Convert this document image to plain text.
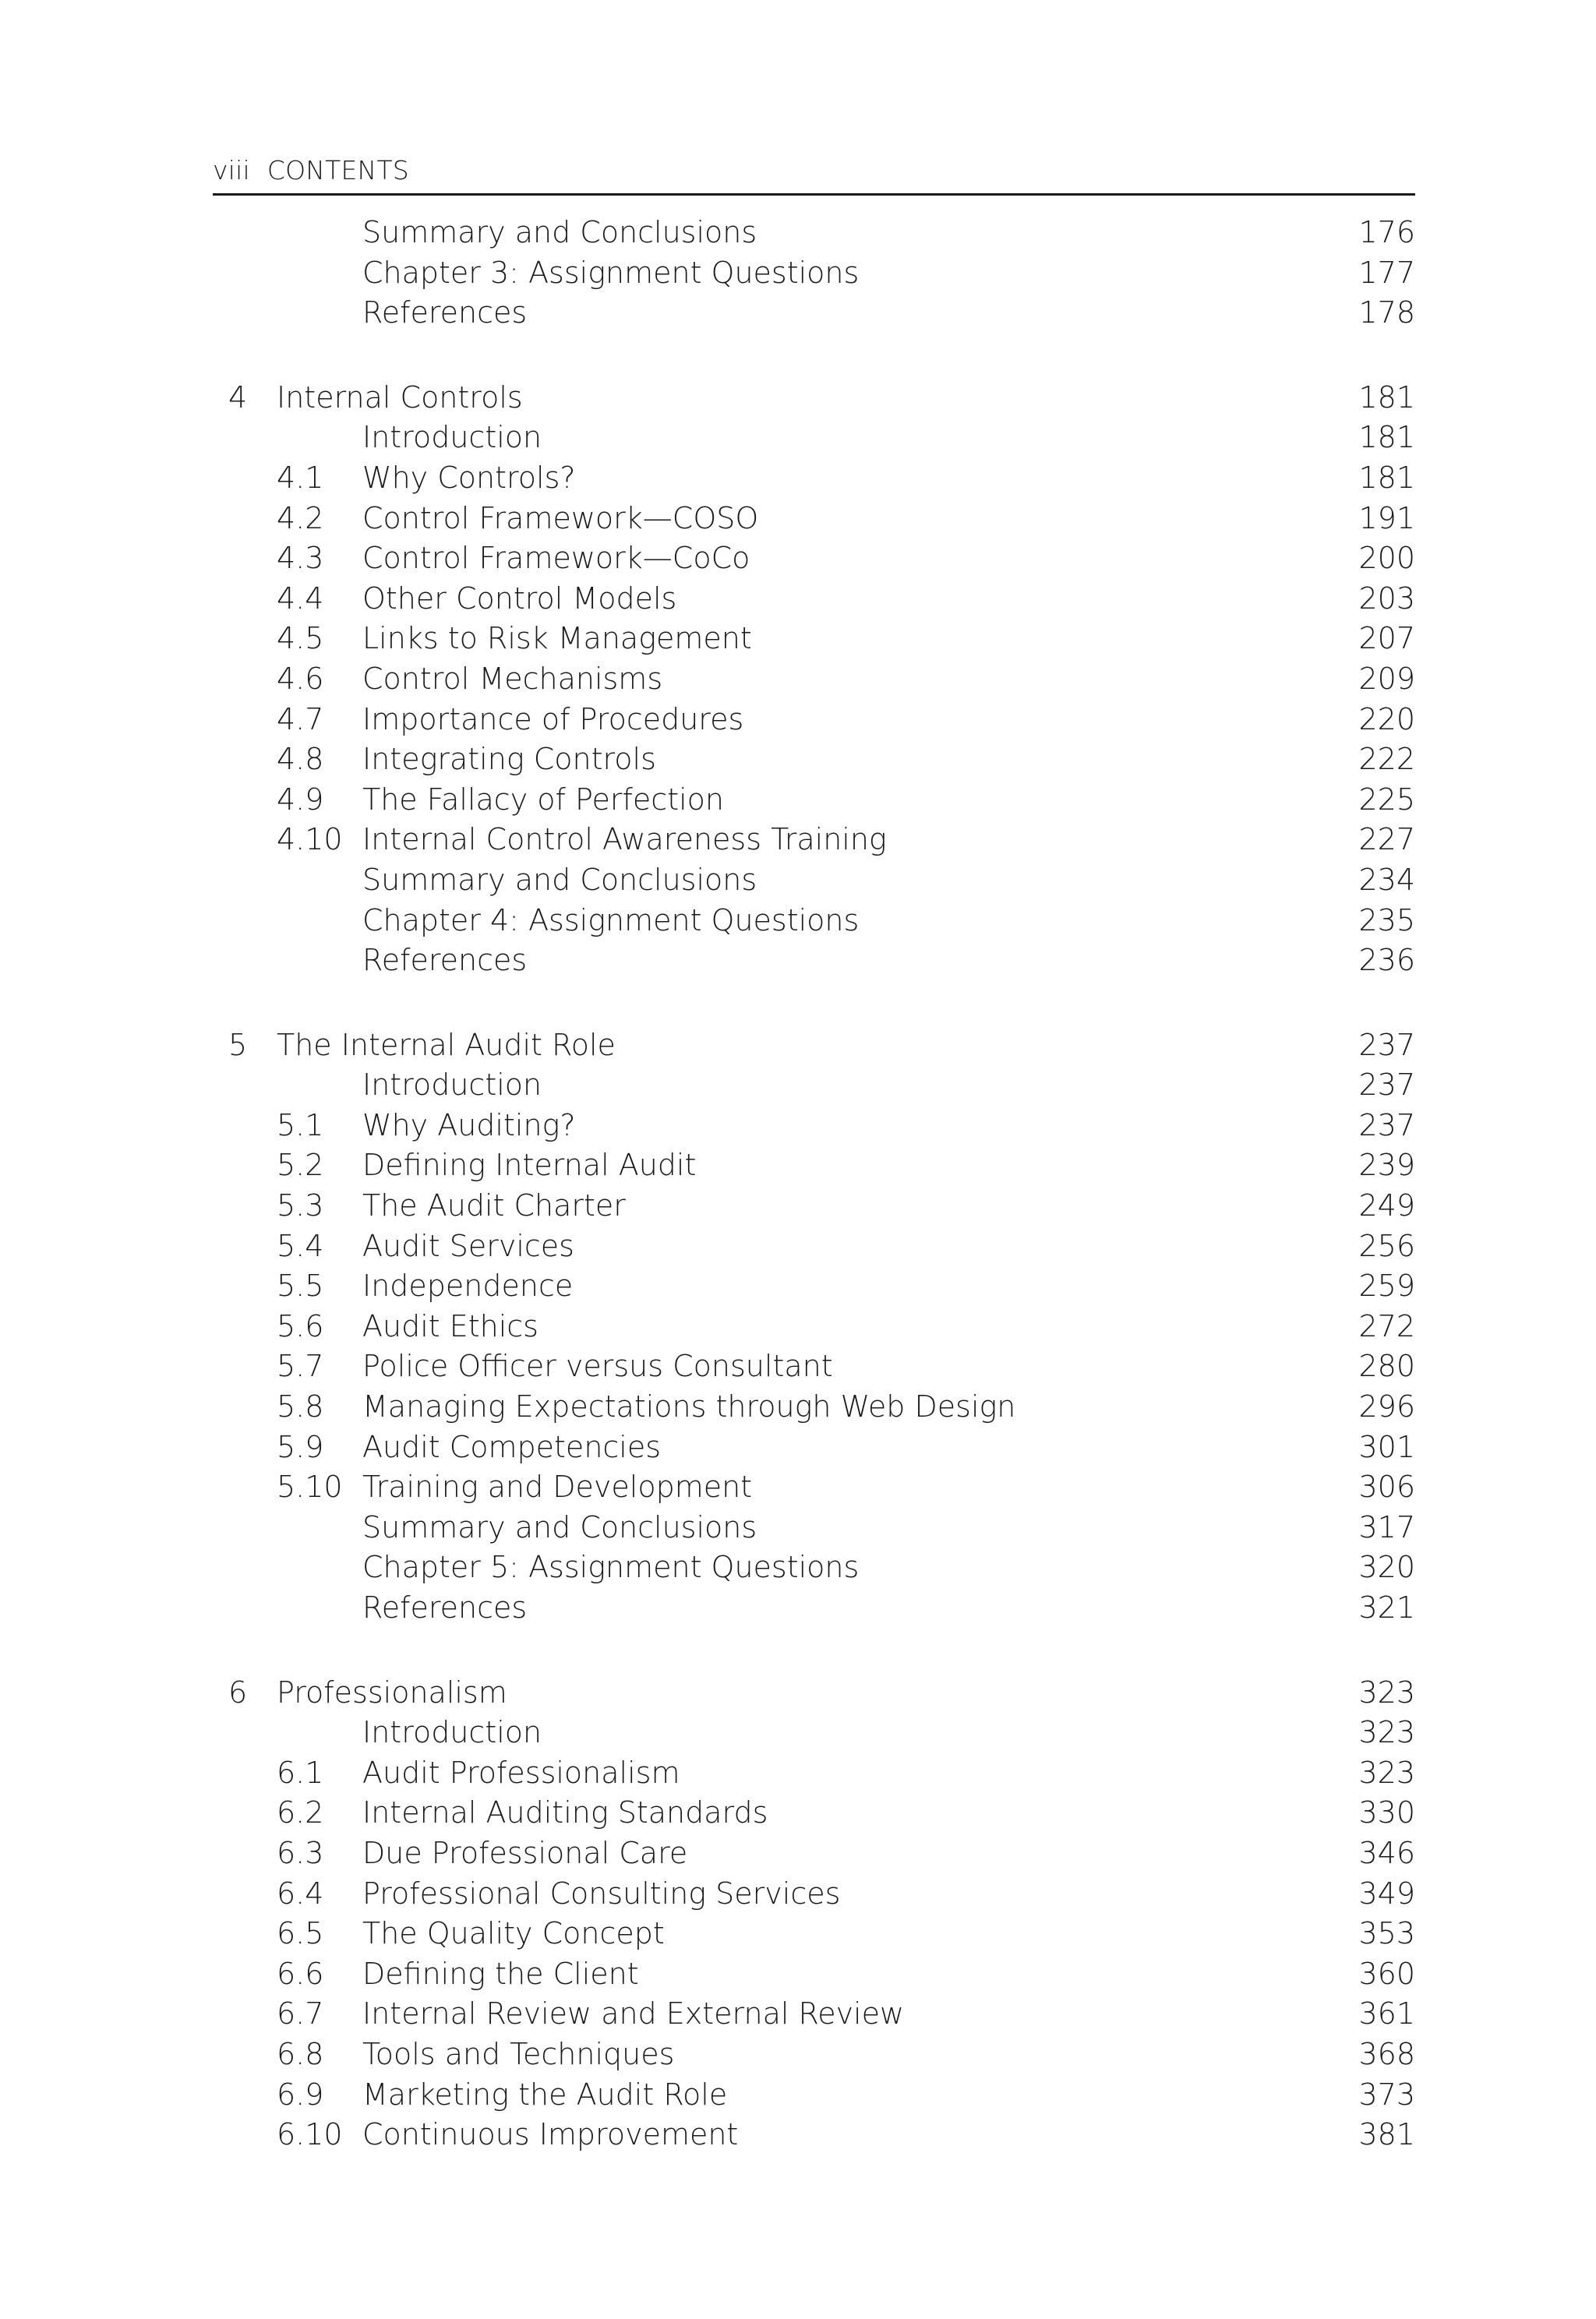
viii CONTENTS
Summary and Conclusions	176
Chapter 3: Assignment Questions	177
References	178
4 Internal Controls	181
Introduction	181
4.1	Why Controls?	181
4.2	Control Framework—COSO	191
4.3	Control Framework—CoCo	200
4.4	Other Control Models	203
4.5	Links to Risk Management	207
4.6	Control Mechanisms	209
4.7	Importance of Procedures	220
4.8	Integrating Controls	222
4.9	The Fallacy of Perfection	225
4.10 Internal Control Awareness Training	227
Summary and Conclusions	234
Chapter 4: Assignment Questions	235
References	236
5 The Internal Audit Role	237
Introduction	237
5.1	Why Auditing?	237
5.2	Defining Internal Audit	239
5.3	The Audit Charter	249
5.4	Audit Services	256
5.5	Independence	259
5.6	Audit Ethics	272
5.7	Police Officer versus Consultant	280
5.8	Managing Expectations through Web Design	296
5.9	Audit Competencies	301
5.10 Training and Development	306
Summary and Conclusions	317
Chapter 5: Assignment Questions	320
References	321
6 Professionalism	323
Introduction	323
6.1	Audit Professionalism	323
6.2	Internal Auditing Standards	330
6.3	Due Professional Care	346
6.4	Professional Consulting Services	349
6.5	The Quality Concept	353
6.6	Defining the Client	360
6.7	Internal Review and External Review	361
6.8	Tools and Techniques	368
6.9	Marketing the Audit Role	373
6.10 Continuous Improvement	381
